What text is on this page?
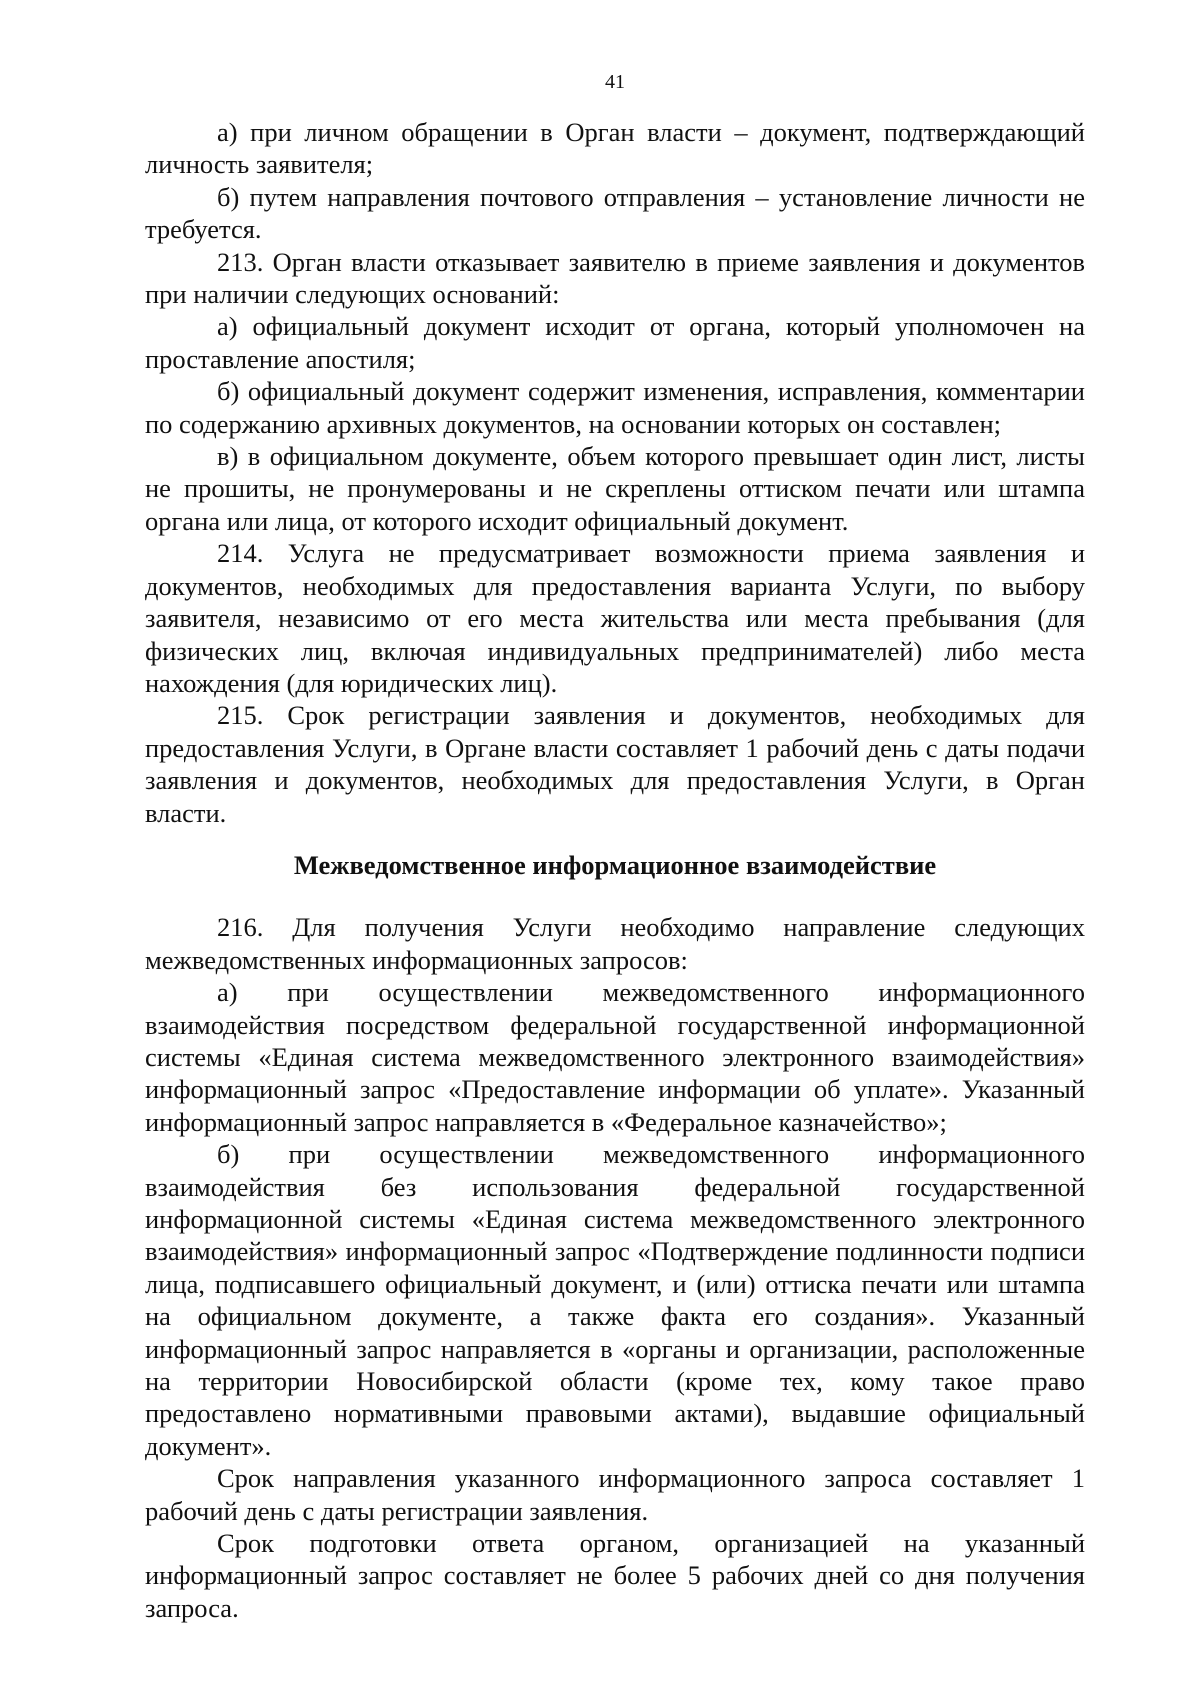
41

а) при личном обращении в Орган власти – документ, подтверждающий личность заявителя;

б) путем направления почтового отправления – установление личности не требуется.

213. Орган власти отказывает заявителю в приеме заявления и документов при наличии следующих оснований:

а) официальный документ исходит от органа, который уполномочен на проставление апостиля;

б) официальный документ содержит изменения, исправления, комментарии по содержанию архивных документов, на основании которых он составлен;

в) в официальном документе, объем которого превышает один лист, листы не прошиты, не пронумерованы и не скреплены оттиском печати или штампа органа или лица, от которого исходит официальный документ.

214. Услуга не предусматривает возможности приема заявления и документов, необходимых для предоставления варианта Услуги, по выбору заявителя, независимо от его места жительства или места пребывания (для физических лиц, включая индивидуальных предпринимателей) либо места нахождения (для юридических лиц).

215. Срок регистрации заявления и документов, необходимых для предоставления Услуги, в Органе власти составляет 1 рабочий день с даты подачи заявления и документов, необходимых для предоставления Услуги, в Орган власти.

Межведомственное информационное взаимодействие

216. Для получения Услуги необходимо направление следующих межведомственных информационных запросов:

а) при осуществлении межведомственного информационного взаимодействия посредством федеральной государственной информационной системы «Единая система межведомственного электронного взаимодействия» информационный запрос «Предоставление информации об уплате». Указанный информационный запрос направляется в «Федеральное казначейство»;

б) при осуществлении межведомственного информационного взаимодействия без использования федеральной государственной информационной системы «Единая система межведомственного электронного взаимодействия» информационный запрос «Подтверждение подлинности подписи лица, подписавшего официальный документ, и (или) оттиска печати или штампа на официальном документе, а также факта его создания». Указанный информационный запрос направляется в «органы и организации, расположенные на территории Новосибирской области (кроме тех, кому такое право предоставлено нормативными правовыми актами), выдавшие официальный документ».

Срок направления указанного информационного запроса составляет 1 рабочий день с даты регистрации заявления.

Срок подготовки ответа органом, организацией на указанный информационный запрос составляет не более 5 рабочих дней со дня получения запроса.
